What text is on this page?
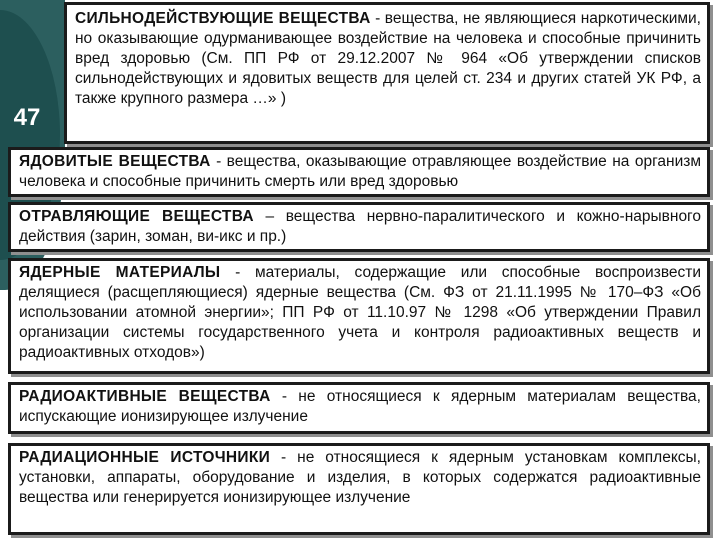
47
СИЛЬНОДЕЙСТВУЮЩИЕ ВЕЩЕСТВА - вещества, не являющиеся наркотическими, но оказывающие одурманивающее воздействие на человека и способные причинить вред здоровью (См. ПП РФ от 29.12.2007 № 964 «Об утверждении списков сильнодействующих и ядовитых веществ для целей ст. 234 и других статей УК РФ, а также крупного размера …» )
ЯДОВИТЫЕ ВЕЩЕСТВА - вещества, оказывающие отравляющее воздействие на организм человека и способные причинить смерть или вред здоровью
ОТРАВЛЯЮЩИЕ ВЕЩЕСТВА – вещества нервно-паралитического и кожно-нарывного действия (зарин, зоман, ви-икс и пр.)
ЯДЕРНЫЕ МАТЕРИАЛЫ - материалы, содержащие или способные воспроизвести делящиеся (расщепляющиеся) ядерные вещества (См. ФЗ от 21.11.1995 № 170–ФЗ «Об использовании атомной энергии»; ПП РФ от 11.10.97 № 1298 «Об утверждении Правил организации системы государственного учета и контроля радиоактивных веществ и радиоактивных отходов»)
РАДИОАКТИВНЫЕ ВЕЩЕСТВА - не относящиеся к ядерным материалам вещества, испускающие ионизирующее излучение
РАДИАЦИОННЫЕ ИСТОЧНИКИ - не относящиеся к ядерным установкам комплексы, установки, аппараты, оборудование и изделия, в которых содержатся радиоактивные вещества или генерируется ионизирующее излучение
